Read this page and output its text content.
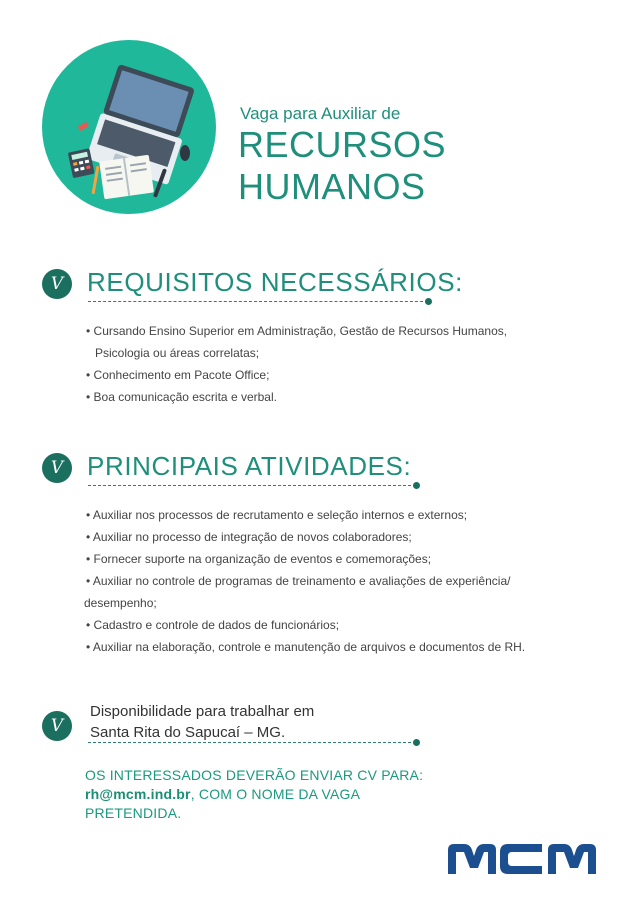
Vaga para Auxiliar de
RECURSOS HUMANOS
V REQUISITOS NECESSÁRIOS:
• Cursando Ensino Superior em Administração, Gestão de Recursos Humanos,
Psicologia ou áreas correlatas;
• Conhecimento em Pacote Office;
• Boa comunicação escrita e verbal.
V PRINCIPAIS ATIVIDADES:
• Auxiliar nos processos de recrutamento e seleção internos e externos;
• Auxiliar no processo de integração de novos colaboradores;
• Fornecer suporte na organização de eventos e comemorações;
• Auxiliar no controle de programas de treinamento e avaliações de experiência/
desempenho;
• Cadastro e controle de dados de funcionários;
• Auxiliar na elaboração, controle e manutenção de arquivos e documentos de RH.
V
Disponibilidade para trabalhar em
Santa Rita do Sapucaí – MG.
OS INTERESSADOS DEVERÃO ENVIAR CV PARA:
rh@mcm.ind.br, COM O NOME DA VAGA
PRETENDIDA.
